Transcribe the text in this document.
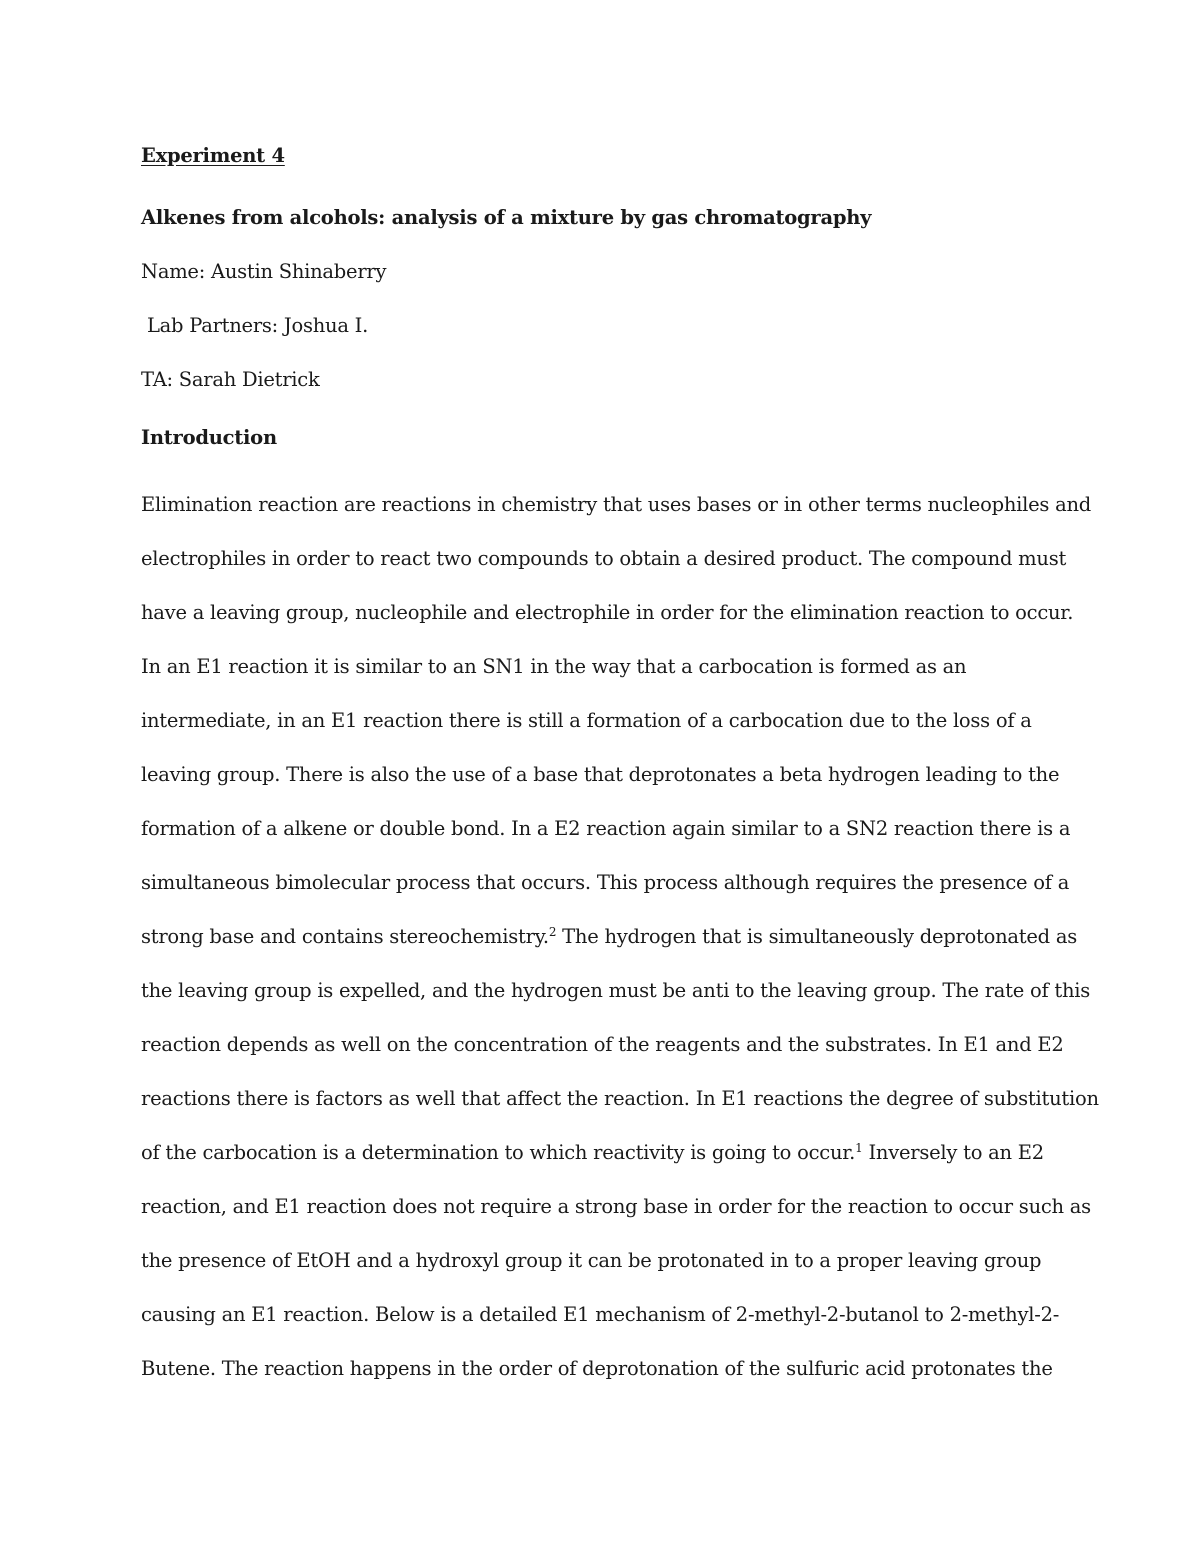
Experiment 4

Alkenes from alcohols: analysis of a mixture by gas chromatography

Name: Austin Shinaberry

Lab Partners: Joshua I.

TA: Sarah Dietrick

Introduction

Elimination reaction are reactions in chemistry that uses bases or in other terms nucleophiles and
electrophiles in order to react two compounds to obtain a desired product. The compound must
have a leaving group, nucleophile and electrophile in order for the elimination reaction to occur.
In an E1 reaction it is similar to an SN1 in the way that a carbocation is formed as an
intermediate, in an E1 reaction there is still a formation of a carbocation due to the loss of a
leaving group. There is also the use of a base that deprotonates a beta hydrogen leading to the
formation of a alkene or double bond. In a E2 reaction again similar to a SN2 reaction there is a
simultaneous bimolecular process that occurs. This process although requires the presence of a
strong base and contains stereochemistry.$^2$ The hydrogen that is simultaneously deprotonated as
the leaving group is expelled, and the hydrogen must be anti to the leaving group. The rate of this
reaction depends as well on the concentration of the reagents and the substrates. In E1 and E2
reactions there is factors as well that affect the reaction. In E1 reactions the degree of substitution
of the carbocation is a determination to which reactivity is going to occur.$^1$ Inversely to an E2
reaction, and E1 reaction does not require a strong base in order for the reaction to occur such as
the presence of EtOH and a hydroxyl group it can be protonated in to a proper leaving group
causing an E1 reaction. Below is a detailed E1 mechanism of 2-methyl-2-butanol to 2-methyl-2-
Butene. The reaction happens in the order of deprotonation of the sulfuric acid protonates the
